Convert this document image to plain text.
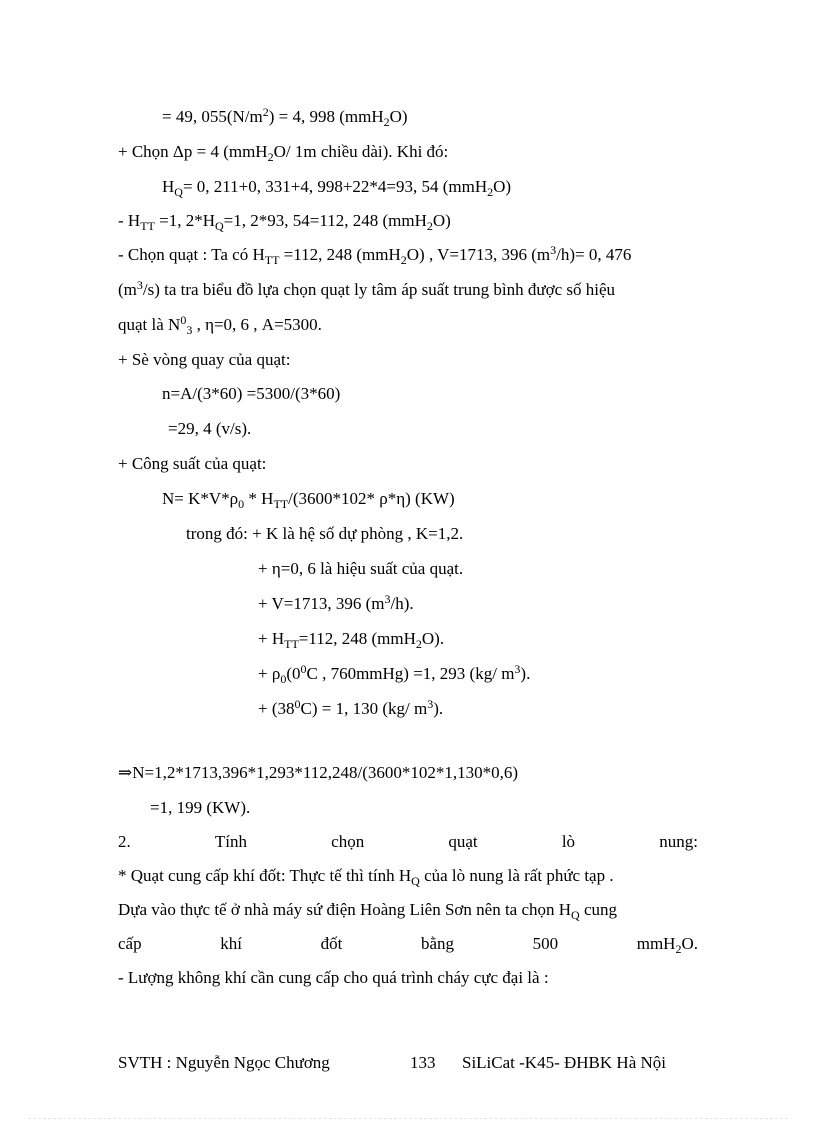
= 49, $055(N/m^2) = 4$, 998 (mmH$_2$O)
+ Chọn Δp = 4 (mmH$_2$O/ 1m chiều dài). Khi đó:
$H_Q= 0$, 211+0, 331+4, 998+22*4=93, 54 (mmH$_2$O)
- $H_{TT} =1$, $2*H_Q=1$, 2*93, 54=112, 248 (mmH$_2$O)
- Chọn quạt : Ta có $H_{TT} =112$, 248 (mmH$_2$O) , V=1713, 396 $(m^3/h)= 0$, 476
$(m^3/s)$ ta tra biểu đồ lựa chọn quạt ly tâm áp suất trung bình được số hiệu
quạt là $N^0_3$ , η=0, 6 , A=5300.
+ Sè vòng quay của quạt:
n=A/(3*60) =5300/(3*60)
=29, 4 (v/s).
+ Công suất của quạt:
$N= K*V*\rho_0 * H_{TT}/(3600*102*$ ρ*η) (KW)
trong đó: + K là hệ số dự phòng , K=1,2.
+ η=0, 6 là hiệu suất của quạt.
+ V=1713, 396 $(m^3/h)$.
+ $H_{TT}=112$, 248 (mmH$_2$O).
+ $\rho_0(0^0C$ , 760mmHg) =1, 293 (kg/ $m^3$).
+ $(38^0C) = 1$, 130 (kg/ $m^3$).
⇒N=1,2*1713,396*1,293*112,248/(3600*102*1,130*0,6)
=1, 199 (KW).
2.	Tính	chọn	quạt	lò	nung:
* Quạt cung cấp khí đốt: Thực tế thì tính $H_Q$ của lò nung là rất phức tạp .
Dựa vào thực tế ở nhà máy sứ điện Hoàng Liên Sơn nên ta chọn $H_Q$ cung
cấp	khí	đốt	bằng	500	mmH$_2$O.
- Lượng không khí cần cung cấp cho quá trình cháy cực đại là :
SVTH : Nguyễn Ngọc Chương	133 SiLiCat -K45- ĐHBK Hà Nội
